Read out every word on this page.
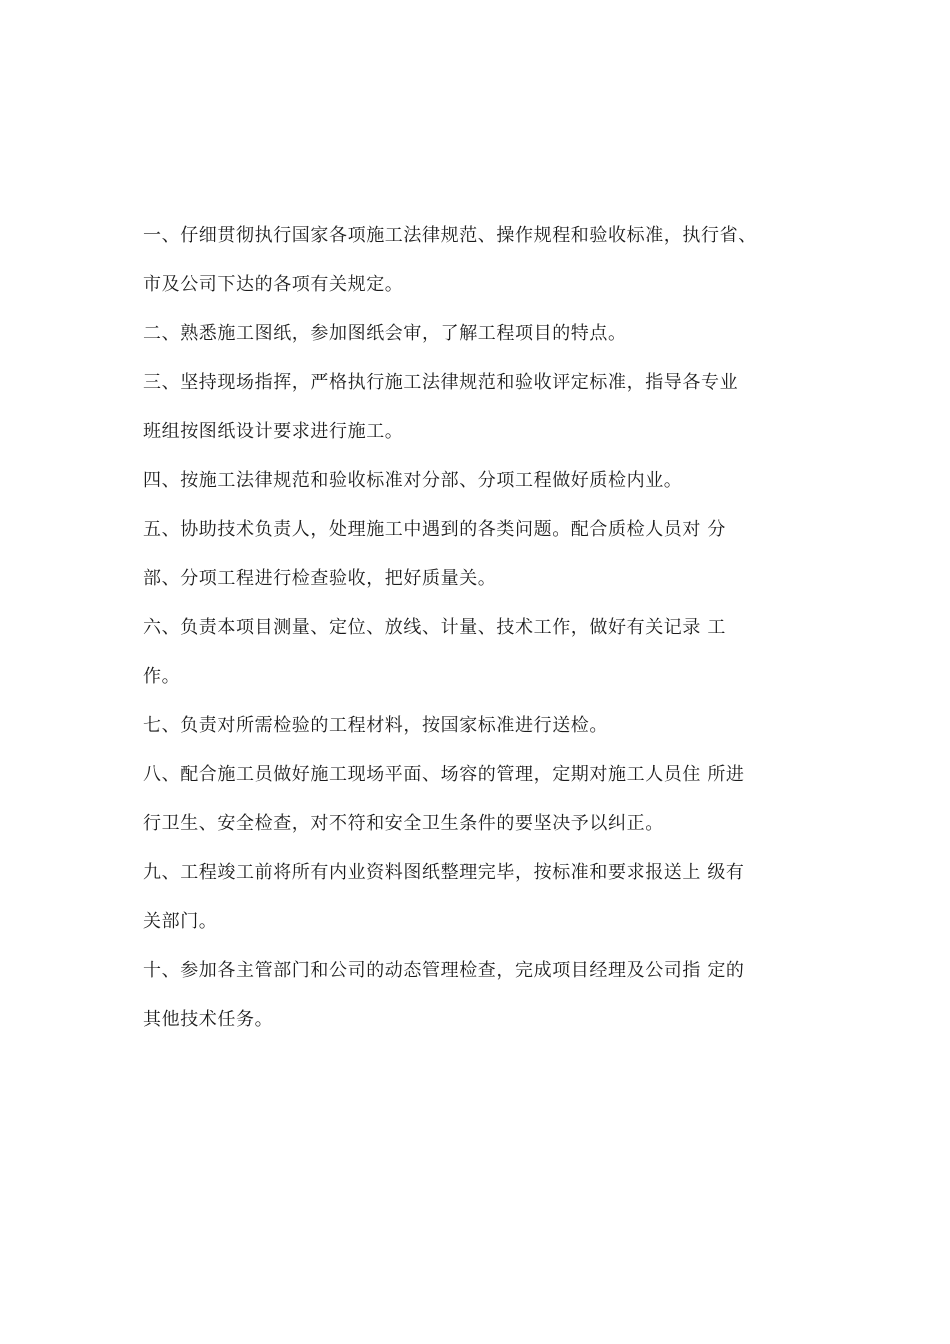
一、仔细贯彻执行国家各项施工法律规范、操作规程和验收标准，执行省、
市及公司下达的各项有关规定。
二、熟悉施工图纸，参加图纸会审，了解工程项目的特点。
三、坚持现场指挥，严格执行施工法律规范和验收评定标准，指导各专业
班组按图纸设计要求进行施工。
四、按施工法律规范和验收标准对分部、分项工程做好质检内业。
五、协助技术负责人，处理施工中遇到的各类问题。配合质检人员对 分
部、分项工程进行检查验收，把好质量关。
六、负责本项目测量、定位、放线、计量、技术工作，做好有关记录 工
作。
七、负责对所需检验的工程材料，按国家标准进行送检。
八、配合施工员做好施工现场平面、场容的管理，定期对施工人员住 所进
行卫生、安全检查，对不符和安全卫生条件的要坚决予以纠正。
九、工程竣工前将所有内业资料图纸整理完毕，按标准和要求报送上 级有
关部门。
十、参加各主管部门和公司的动态管理检查，完成项目经理及公司指 定的
其他技术任务。
